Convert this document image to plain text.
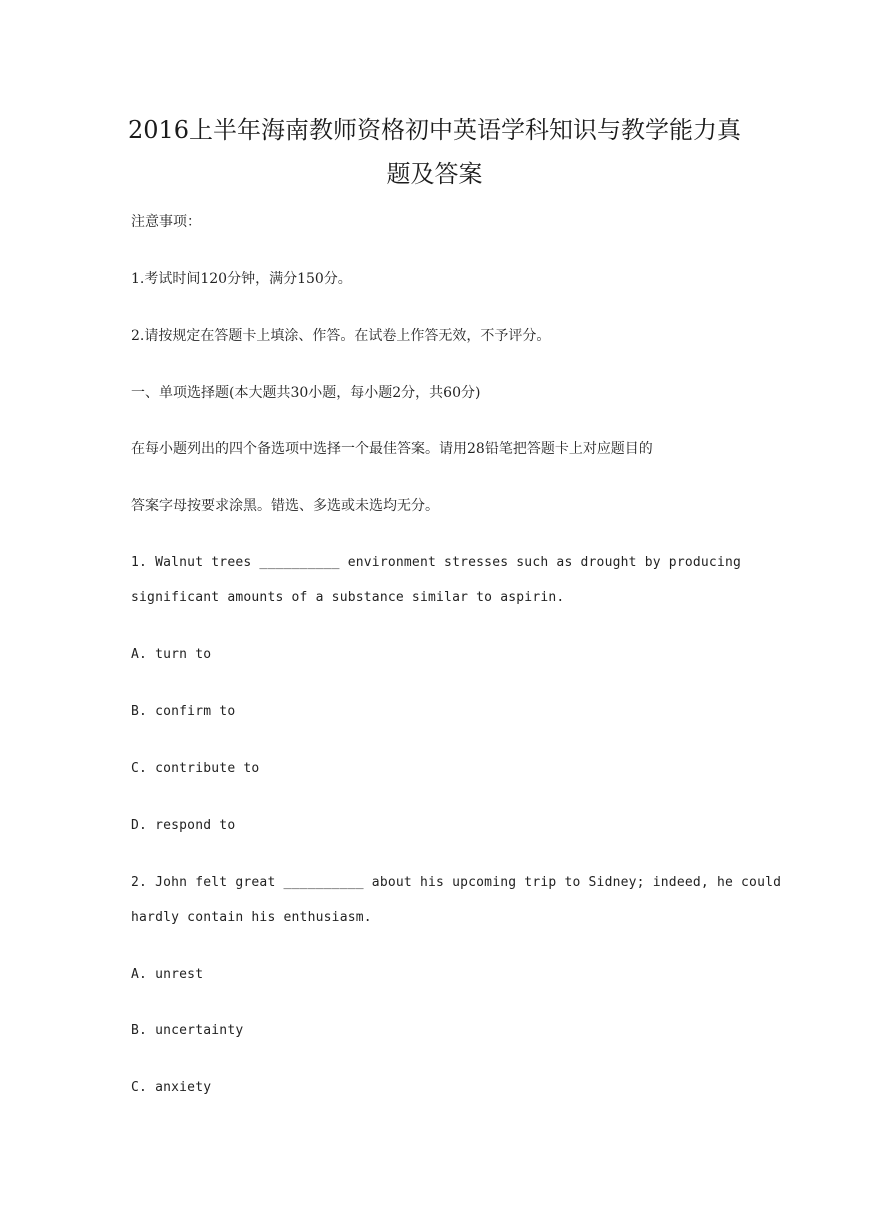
2016上半年海南教师资格初中英语学科知识与教学能力真
题及答案
注意事项：
1.考试时间120分钟，满分150分。
2.请按规定在答题卡上填涂、作答。在试卷上作答无效，不予评分。
一、单项选择题(本大题共30小题，每小题2分，共60分)
在每小题列出的四个备选项中选择一个最佳答案。请用28铅笔把答题卡上对应题目的
答案字母按要求涂黑。错选、多选或未选均无分。
1. Walnut trees __________ environment stresses such as drought by producing
significant amounts of a substance similar to aspirin.
A. turn to
B. confirm to
C. contribute to
D. respond to
2. John felt great __________ about his upcoming trip to Sidney; indeed, he could
hardly contain his enthusiasm.
A. unrest
B. uncertainty
C. anxiety
